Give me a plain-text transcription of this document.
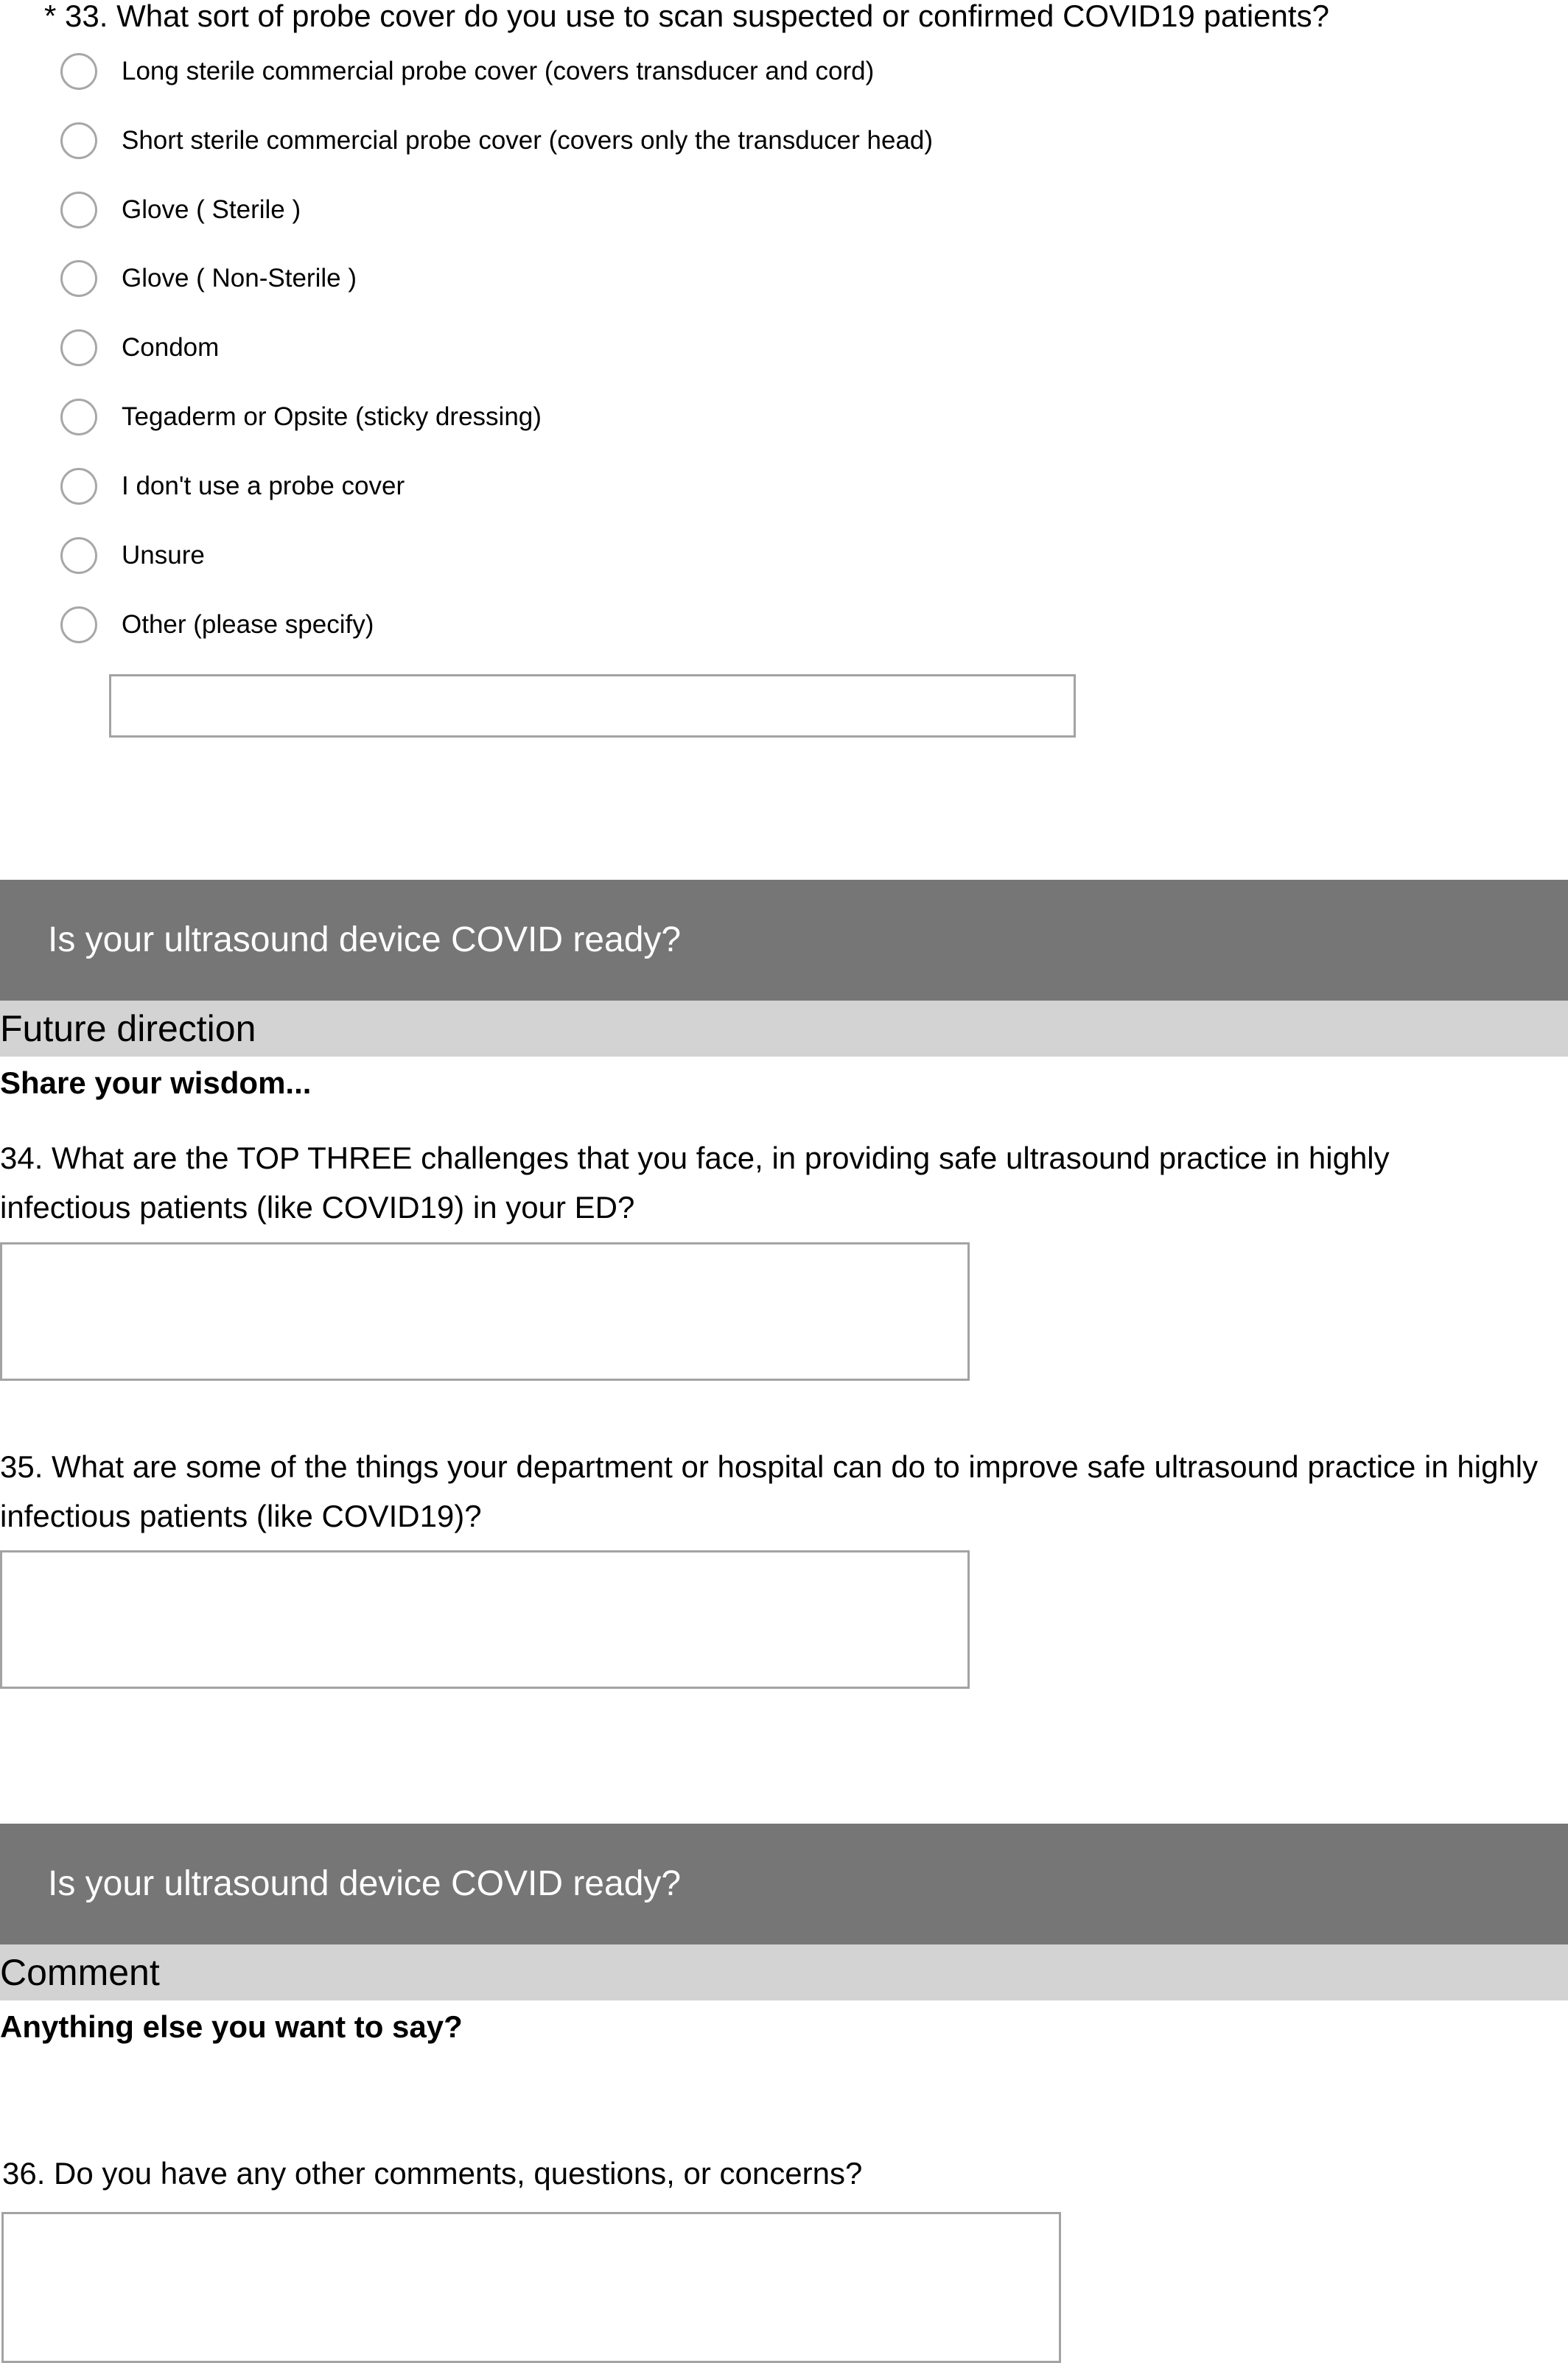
* 33. What sort of probe cover do you use to scan suspected or confirmed COVID19 patients?
Long sterile commercial probe cover (covers transducer and cord)
Short sterile commercial probe cover (covers only the transducer head)
Glove ( Sterile )
Glove ( Non-Sterile )
Condom
Tegaderm or Opsite (sticky dressing)
I don't use a probe cover
Unsure
Other (please specify)
Is your ultrasound device COVID ready?
Future direction
Share your wisdom...
34. What are the TOP THREE challenges that you face, in providing safe ultrasound practice in highly infectious patients (like COVID19) in your ED?
35. What are some of the things your department or hospital can do to improve safe ultrasound practice in highly infectious patients (like COVID19)?
Is your ultrasound device COVID ready?
Comment
Anything else you want to say?
36. Do you have any other comments, questions, or concerns?
